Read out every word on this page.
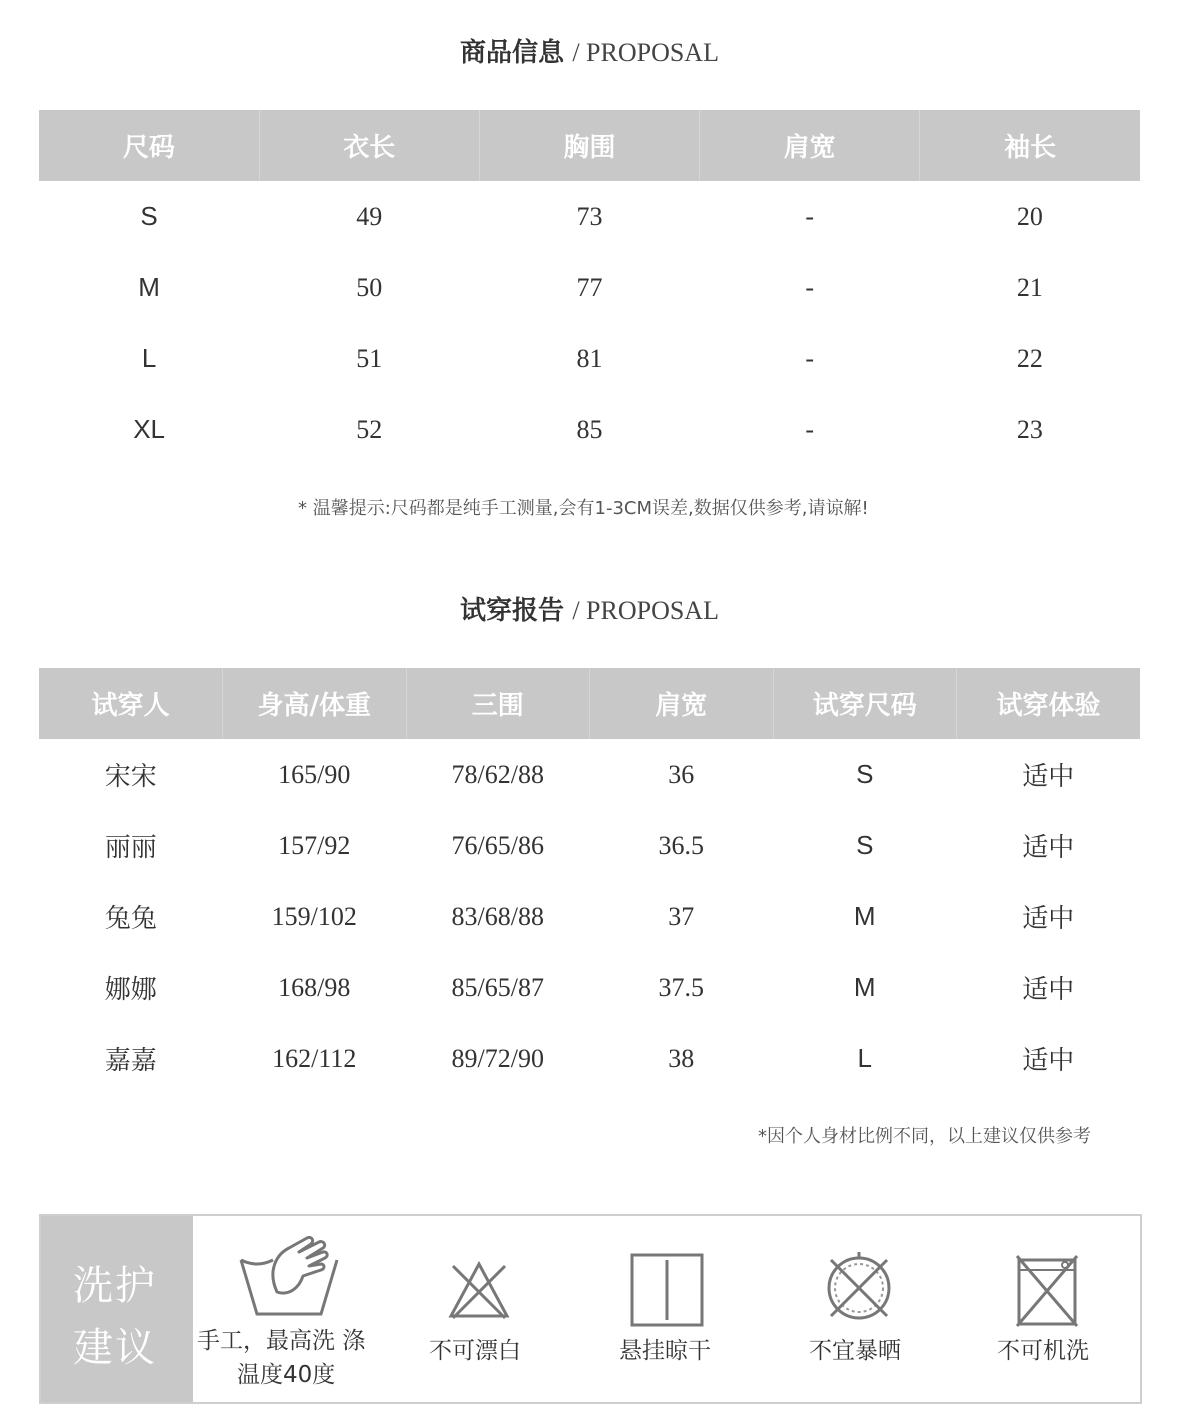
商品信息 / PROPOSAL
尺码	衣长	胸围	肩宽	袖长
S	49	73	-	20
M	50	77	-	21
L	51	81	-	22
XL	52	85	-	23
* 温馨提示:尺码都是纯手工测量,会有1-3CM误差,数据仅供参考,请谅解!
试穿报告 / PROPOSAL
试穿人	身高/体重	三围	肩宽	试穿尺码	试穿体验
宋宋	165/90	78/62/88	36	S	适中
丽丽	157/92	76/65/86	36.5	S	适中
兔兔	159/102	83/68/88	37	M	适中
娜娜	168/98	85/65/87	37.5	M	适中
嘉嘉	162/112	89/72/90	38	L	适中
*因个人身材比例不同，以上建议仅供参考
洗护
建议 手工，最高洗 涤
温度40度
不可漂白	悬挂晾干	不宜暴晒	不可机洗
